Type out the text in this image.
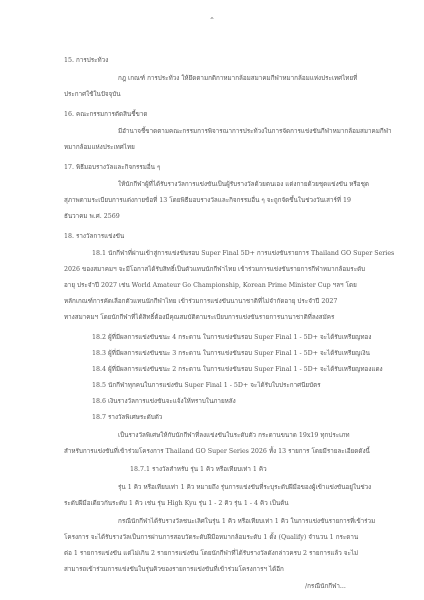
-8-
15. การประท้วง
กฎ เกณฑ์ การประท้วง ให้ยึดตามกติกาหมากล้อมสมาคมกีฬาหมากล้อมแห่งประเทศไทยที่
ประกาศใช้ในปัจจุบัน
16. คณะกรรมการตัดสินชี้ขาด
มีอำนาจชี้ขาดตามคณะกรรมการพิจารณาการประท้วงในการจัดการแข่งขันกีฬาหมากล้อมสมาคมกีฬา
หมากล้อมแห่งประเทศไทย
17. พิธีมอบรางวัลและกิจกรรมอื่น ๆ
ให้นักกีฬาผู้ที่ได้รับรางวัลการแข่งขันเป็นผู้รับรางวัลด้วยตนเอง แต่งกายด้วยชุดแข่งขัน หรือชุด
สุภาพตามระเบียบการแต่งกายข้อที่ 13 โดยพิธีมอบรางวัลและกิจกรรมอื่น ๆ จะถูกจัดขึ้นในช่วงวันเสาร์ที่ 19
ธันวาคม พ.ศ. 2569
18. รางวัลการแข่งขัน
18.1 นักกีฬาที่ผ่านเข้าสู่การแข่งขันรอบ Super Final 5D+ การแข่งขันรายการ Thailand GO Super Series
2026 ของสมาคมฯ จะมีโอกาสได้รับสิทธิ์เป็นตัวแทนนักกีฬาไทย เข้าร่วมการแข่งขันรายการกีฬาหมากล้อมระดับ
อายุ ประจำปี 2027 เช่น World Amateur Go Championship, Korean Prime Minister Cup ฯลฯ โดย
หลักเกณฑ์การคัดเลือกตัวแทนนักกีฬาไทย เข้าร่วมการแข่งขันนานาชาติที่ไม่จำกัดอายุ ประจำปี 2027
ทางสมาคมฯ โดยนักกีฬาที่ได้สิทธิ์ต้องมีคุณสมบัติตามระเบียบการแข่งขันรายการนานาชาติที่ลงสมัคร
18.2 ผู้ที่มีผลการแข่งขันชนะ 4 กระดาน ในการแข่งขันรอบ Super Final 1 - 5D+ จะได้รับเหรียญทอง
18.3 ผู้ที่มีผลการแข่งขันชนะ 3 กระดาน ในการแข่งขันรอบ Super Final 1 - 5D+ จะได้รับเหรียญเงิน
18.4 ผู้ที่มีผลการแข่งขันชนะ 2 กระดาน ในการแข่งขันรอบ Super Final 1 - 5D+ จะได้รับเหรียญทองแดง
18.5 นักกีฬาทุกคนในการแข่งขัน Super Final 1 - 5D+ จะได้รับใบประกาศนียบัตร
18.6 เงินรางวัลการแข่งขันจะแจ้งให้ทราบในภายหลัง
18.7 รางวัลพิเศษระดับตัว
เป็นรางวัลพิเศษให้กับนักกีฬาที่ลงแข่งขันในระดับตัว กระดานขนาด 19x19 ทุกประเภท
สำหรับการแข่งขันที่เข้าร่วมโครงการ Thailand GO Super Series 2026 ทั้ง 13 รายการ โดยมีรายละเอียดดังนี้
18.7.1 รางวัลสำหรับ รุ่น 1 คิว หรือเทียบเท่า 1 คิว
รุ่น 1 คิว หรือเทียบเท่า 1 คิว หมายถึง รุ่นการแข่งขันที่ระบุระดับฝีมือของผู้เข้าแข่งขันอยู่ในช่วง
ระดับฝีมือเดียวกันระดับ 1 คิว เช่น รุ่น High Kyu รุ่น 1 - 2 คิว รุ่น 1 - 4 คิว เป็นต้น
กรณีนักกีฬาได้รับรางวัลชนะเลิศในรุ่น 1 คิว หรือเทียบเท่า 1 คิว ในการแข่งขันรายการที่เข้าร่วม
โครงการ จะได้รับรางวัลเป็นการผ่านการสอบวัดระดับฝีมือหมากล้อมระดับ 1 ดั้ง (Qualify) จำนวน 1 กระดาน
ต่อ 1 รายการแข่งขัน แต่ไม่เกิน 2 รายการแข่งขัน โดยนักกีฬาที่ได้รับรางวัลดังกล่าวครบ 2 รายการแล้ว จะไม่
สามารถเข้าร่วมการแข่งขันในรุ่นคิวของรายการแข่งขันที่เข้าร่วมโครงการฯ ได้อีก
/กรณีนักกีฬา...
